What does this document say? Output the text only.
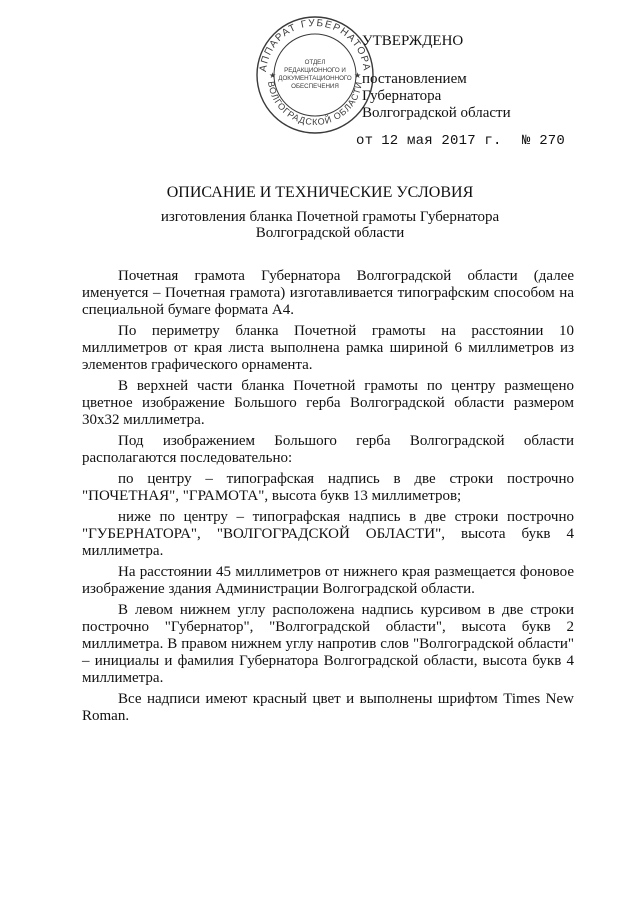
АППАРАТ ГУБЕРНАТОРА
ВОЛГОГРАДСКОЙ ОБЛАСТИ
ОТДЕЛ
РЕДАКЦИОННОГО И
ДОКУМЕНТАЦИОННОГО
ОБЕСПЕЧЕНИЯ
★	★
УТВЕРЖДЕНО
постановлением
Губернатора
Волгоградской области
от 12 мая 2017 г. № 270
ОПИСАНИЕ И ТЕХНИЧЕСКИЕ УСЛОВИЯ
изготовления бланка Почетной грамоты Губернатора Волгоградской области

Почетная грамота Губернатора Волгоградской области (далее именуется – Почетная грамота) изготавливается типографским способом на специальной бумаге формата А4.

По периметру бланка Почетной грамоты на расстоянии 10 миллиметров от края листа выполнена рамка шириной 6 миллиметров из элементов графического орнамента.

В верхней части бланка Почетной грамоты по центру размещено цветное изображение Большого герба Волгоградской области размером 30х32 миллиметра.

Под изображением Большого герба Волгоградской области располагаются последовательно:

по центру – типографская надпись в две строки построчно "ПОЧЕТНАЯ", "ГРАМОТА", высота букв 13 миллиметров;

ниже по центру – типографская надпись в две строки построчно "ГУБЕРНАТОРА", "ВОЛГОГРАДСКОЙ ОБЛАСТИ", высота букв 4 миллиметра.

На расстоянии 45 миллиметров от нижнего края размещается фоновое изображение здания Администрации Волгоградской области.

В левом нижнем углу расположена надпись курсивом в две строки построчно "Губернатор", "Волгоградской области", высота букв 2 миллиметра. В правом нижнем углу напротив слов "Волгоградской области" – инициалы и фамилия Губернатора Волгоградской области, высота букв 4 миллиметра.

Все надписи имеют красный цвет и выполнены шрифтом Times New Roman.
